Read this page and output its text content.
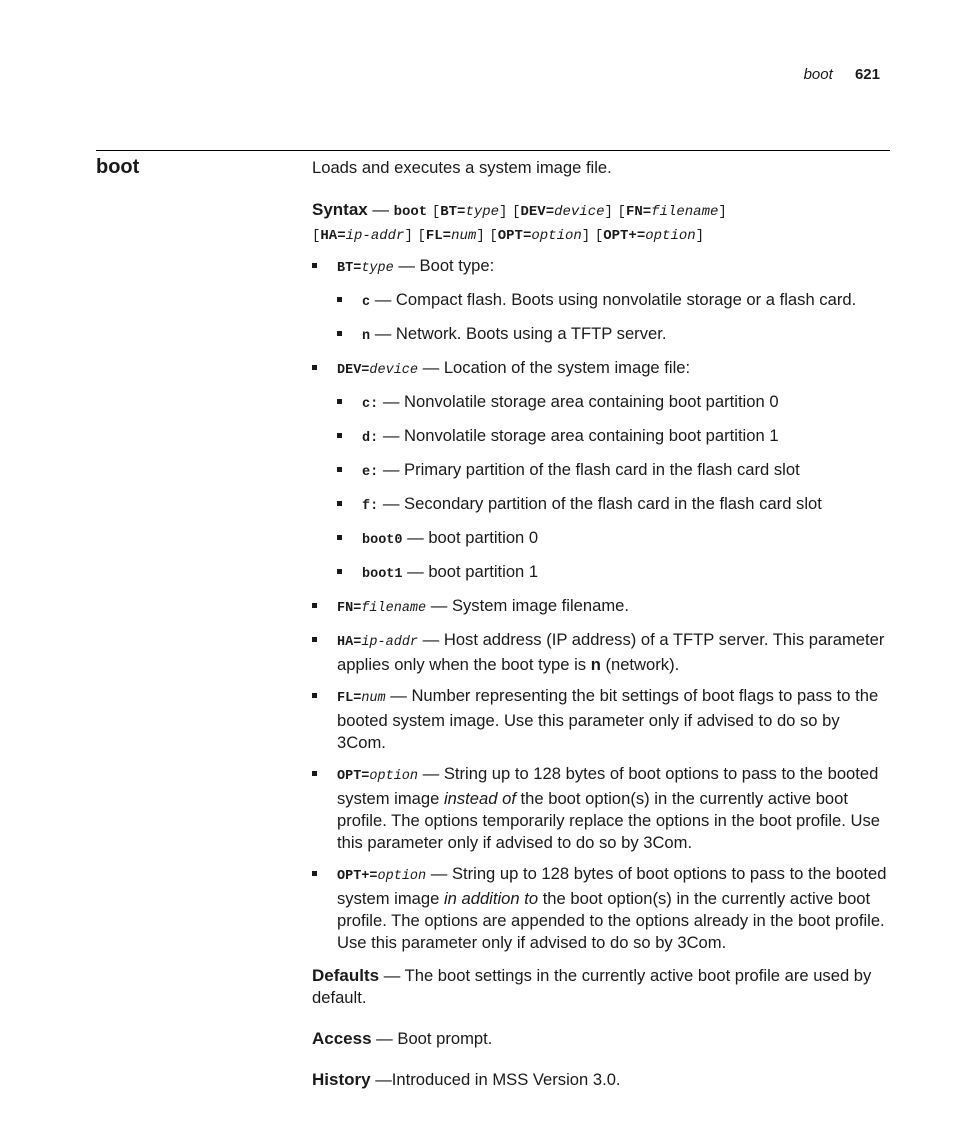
boot 621
boot	Loads and executes a system image file.

Syntax — boot [BT=type] [DEV=device] [FN=filename]
[HA=ip-addr] [FL=num] [OPT=option] [OPT+=option]

BT=type — Boot type:
c — Compact flash. Boots using nonvolatile storage or a flash card.
n — Network. Boots using a TFTP server.
DEV=device — Location of the system image file:
c: — Nonvolatile storage area containing boot partition 0
d: — Nonvolatile storage area containing boot partition 1
e: — Primary partition of the flash card in the flash card slot
f: — Secondary partition of the flash card in the flash card slot
boot0 — boot partition 0
boot1 — boot partition 1
FN=filename — System image filename.
HA=ip-addr — Host address (IP address) of a TFTP server. This parameter applies only when the boot type is n (network).
FL=num — Number representing the bit settings of boot flags to pass to the booted system image. Use this parameter only if advised to do so by 3Com.
OPT=option — String up to 128 bytes of boot options to pass to the booted system image instead of the boot option(s) in the currently active boot profile. The options temporarily replace the options in the boot profile. Use this parameter only if advised to do so by 3Com.
OPT+=option — String up to 128 bytes of boot options to pass to the booted system image in addition to the boot option(s) in the currently active boot profile. The options are appended to the options already in the boot profile. Use this parameter only if advised to do so by 3Com.

Defaults — The boot settings in the currently active boot profile are used by default.

Access — Boot prompt.

History —Introduced in MSS Version 3.0.
